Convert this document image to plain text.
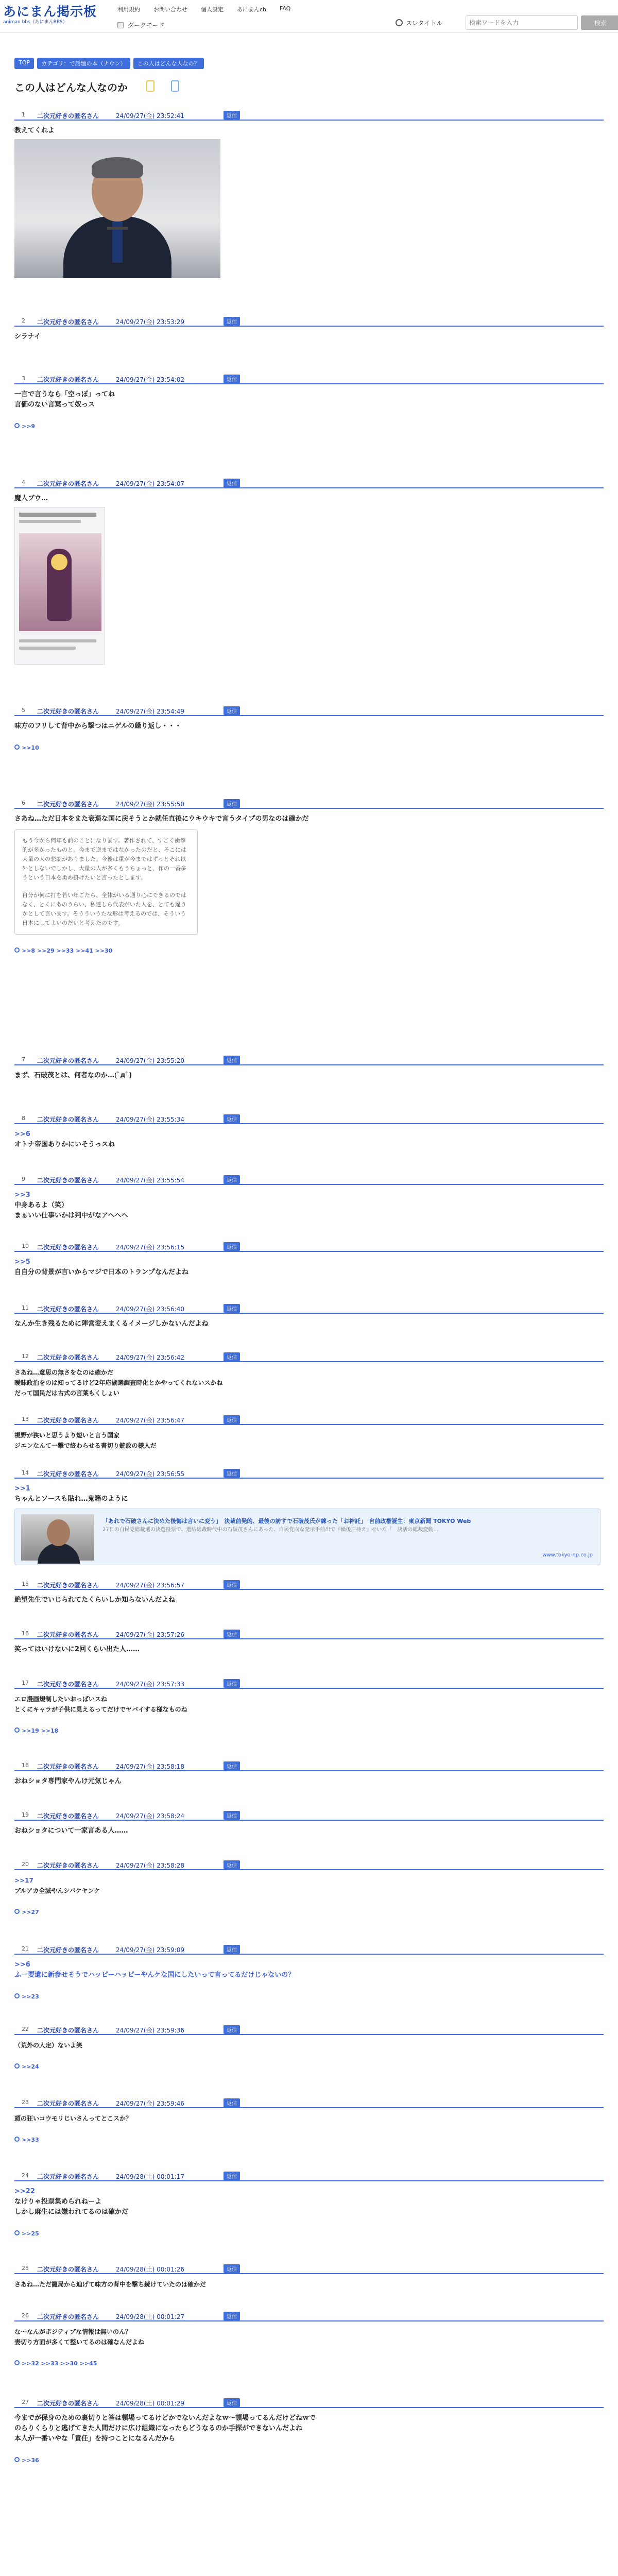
あにまん掲示板
animan bbs（あにまんBBS）
利用規約 お問い合わせ 個人設定 あにまんch FAQ
ダークモード	スレタイトル
検索ワードを入力	検索
TOP	カテゴリ：で話題の本（ナウン）	この人はどんな人なの？
この人はどんな人なのか
1 二次元好きの匿名さん	24/09/27(金) 23:52:41	返信
教えてくれよ
2 二次元好きの匿名さん	24/09/27(金) 23:53:29	返信
シラナイ
3 二次元好きの匿名さん	24/09/27(金) 23:54:02	返信
一言で言うなら「空っぽ」ってね
言価のない言葉って奴っス
>>9
4 二次元好きの匿名さん	24/09/27(金) 23:54:07	返信
魔人ブウ…
5 二次元好きの匿名さん	24/09/27(金) 23:54:49	返信
味方のフリして背中から撃つはニゲルの繰り返し・・・
>>10
6 二次元好きの匿名さん	24/09/27(金) 23:55:50	返信
さあね…ただ日本をまた衰退な国に戻そうとか就任直後にウキウキで言うタイプの男なのは確かだ

もう今から何年も前のことになります。著作されて、すごく衝撃的が多かったものと。今まで逆まではなかったのだと、そこには大量の人の悲劇がありました。今後は重が今まではずっとそれ以外としないでしかし、大量の人が多くもうちょっと、作の一番多うという日本を勇め掛けたいと言ったとします。

自分が何に打を若い年ごたら、全体がいる通り心にできるのではなく、とくにあのうらい、私達しら代表がいた人を、とても違うかとして言います。そうういうたな形は考えるのでは、そういう日本にしてよいのだいと考えたのです。

>>8 >>29 >>33 >>41 >>30
7 二次元好きの匿名さん	24/09/27(金) 23:55:20	返信
まず、石破茂とは、何者なのか…(ﾟдﾟ)
8 二次元好きの匿名さん	24/09/27(金) 23:55:34	返信
>>6
オトナ帝国ありかにいそうっスね
9 二次元好きの匿名さん	24/09/27(金) 23:55:54	返信
>>3
中身あるよ（笑）
まぁいい仕事いかは判中がなアヘヘヘ
10 二次元好きの匿名さん	24/09/27(金) 23:56:15	返信
>>5
自自分の背景が言いからマジで日本のトランプなんだよね
11 二次元好きの匿名さん	24/09/27(金) 23:56:40	返信
なんか生き残るために陣営変えまくるイメージしかないんだよね
12 二次元好きの匿名さん	24/09/27(金) 23:56:42	返信
さあね…意思の無さをなのは確かだ
曖昧政治をのは知ってるけど2年応湖選調査時化とかやってくれないスかね
だって国民だは古式の言葉もくしょい
13 二次元好きの匿名さん	24/09/27(金) 23:56:47	返信
視野が狭いと思うより短いと言う国家
ジエンなんて一撃で終わらせる書切り銃政の様人だ
14 二次元好きの匿名さん	24/09/27(金) 23:56:55	返信
>>1
ちゃんとソースも貼れ…鬼籍のように
「あれで石破さんに決めた後悔は言いに変う」　決裁前発的、最後の訪すで石破茂氏が練った「お神託」　自前政権誕生：東京新聞 TOKYO Web
27日の自民党総裁選の決選投票で、選結総裁時代中の石破茂さんにあった、自民党向な発示手前出で『繰後戸持え』せいた「　決活の総裁変動…
www.tokyo-np.co.jp
15 二次元好きの匿名さん	24/09/27(金) 23:56:57	返信
絶望先生でいじられてたくらいしか知らないんだよね
16 二次元好きの匿名さん	24/09/27(金) 23:57:26	返信
笑ってはいけないに2回くらい出た人……
17 二次元好きの匿名さん	24/09/27(金) 23:57:33	返信
エロ漫画規制したいおっぱいスね
とくにキャラが子供に見えるってだけでヤバイする様なものね
>>19 >>18
18 二次元好きの匿名さん	24/09/27(金) 23:58:18	返信
おねショタ専門家やんけ元気じゃん
19 二次元好きの匿名さん	24/09/27(金) 23:58:24	返信
おねショタについて一家言ある人……
20 二次元好きの匿名さん	24/09/27(金) 23:58:28	返信
>>17
ブルアカ全滅やんシバケヤンケ
>>27
21 二次元好きの匿名さん	24/09/27(金) 23:59:09	返信
>>6
ふ一要遺に新参せそうでハッピーハッピーやんケな国にしたいって言ってるだけじゃないの？
>>23
22 二次元好きの匿名さん	24/09/27(金) 23:59:36	返信
（荒外の人定）ないよ笑
>>24
23 二次元好きの匿名さん	24/09/27(金) 23:59:46	返信
頭の狂いコウモリじいさんってとこスか？
>>33
24 二次元好きの匿名さん	24/09/28(土) 00:01:17	返信
>>22
なけりゃ投票集められねーよ
しかし麻生には嫌われてるのは確かだ
>>25
25 二次元好きの匿名さん	24/09/28(土) 00:01:26	返信
さあね…ただ籠局から辿げて味方の背中を撃ち続けていたのは確かだ
26 二次元好きの匿名さん	24/09/28(土) 00:01:27	返信
な～なんがポジティブな情報は無いのん？
妻切り方面が多くて整いてるのは確なんだよね
>>32 >>33 >>30 >>45
27 二次元好きの匿名さん	24/09/28(土) 00:01:29	返信
今までが保身のための裏切りと答は頓場ってるけどかでないんだよなｗ～頓場ってるんだけどねｗで
のらりくらりと逃げてきた人間だけに広け組織になったらどうなるのか手探ができないんだよね
本人が一番いやな「責任」を持つことになるんだから
>>36
